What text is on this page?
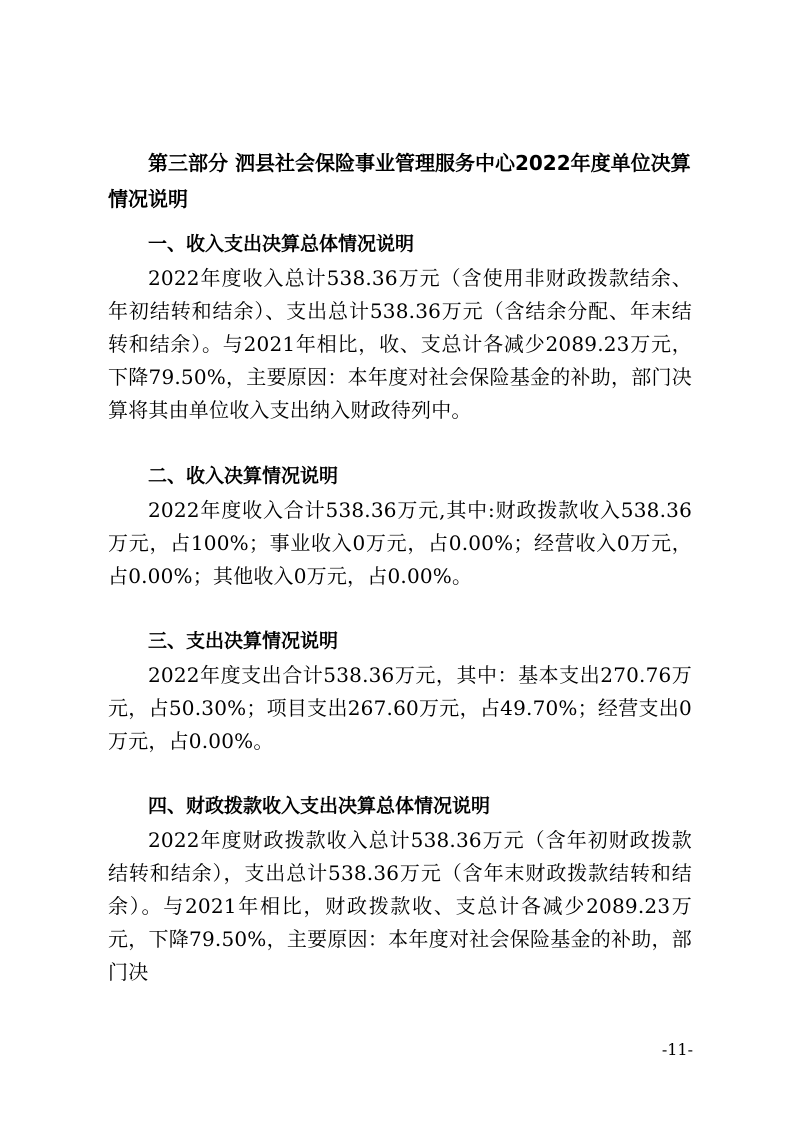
第三部分 泗县社会保险事业管理服务中心2022年度单位决算情况说明

一、收入支出决算总体情况说明

2022年度收入总计538.36万元（含使用非财政拨款结余、年初结转和结余）、支出总计538.36万元（含结余分配、年末结转和结余）。与2021年相比，收、支总计各减少2089.23万元，下降79.50%，主要原因：本年度对社会保险基金的补助，部门决算将其由单位收入支出纳入财政待列中。

二、收入决算情况说明

2022年度收入合计538.36万元,其中:财政拨款收入538.36万元，占100%；事业收入0万元，占0.00%；经营收入0万元，占0.00%；其他收入0万元，占0.00%。

三、支出决算情况说明

2022年度支出合计538.36万元，其中：基本支出270.76万元，占50.30%；项目支出267.60万元，占49.70%；经营支出0万元，占0.00%。

四、财政拨款收入支出决算总体情况说明

2022年度财政拨款收入总计538.36万元（含年初财政拨款结转和结余），支出总计538.36万元（含年末财政拨款结转和结余）。与2021年相比，财政拨款收、支总计各减少2089.23万元，下降79.50%，主要原因：本年度对社会保险基金的补助，部门决

-11-
